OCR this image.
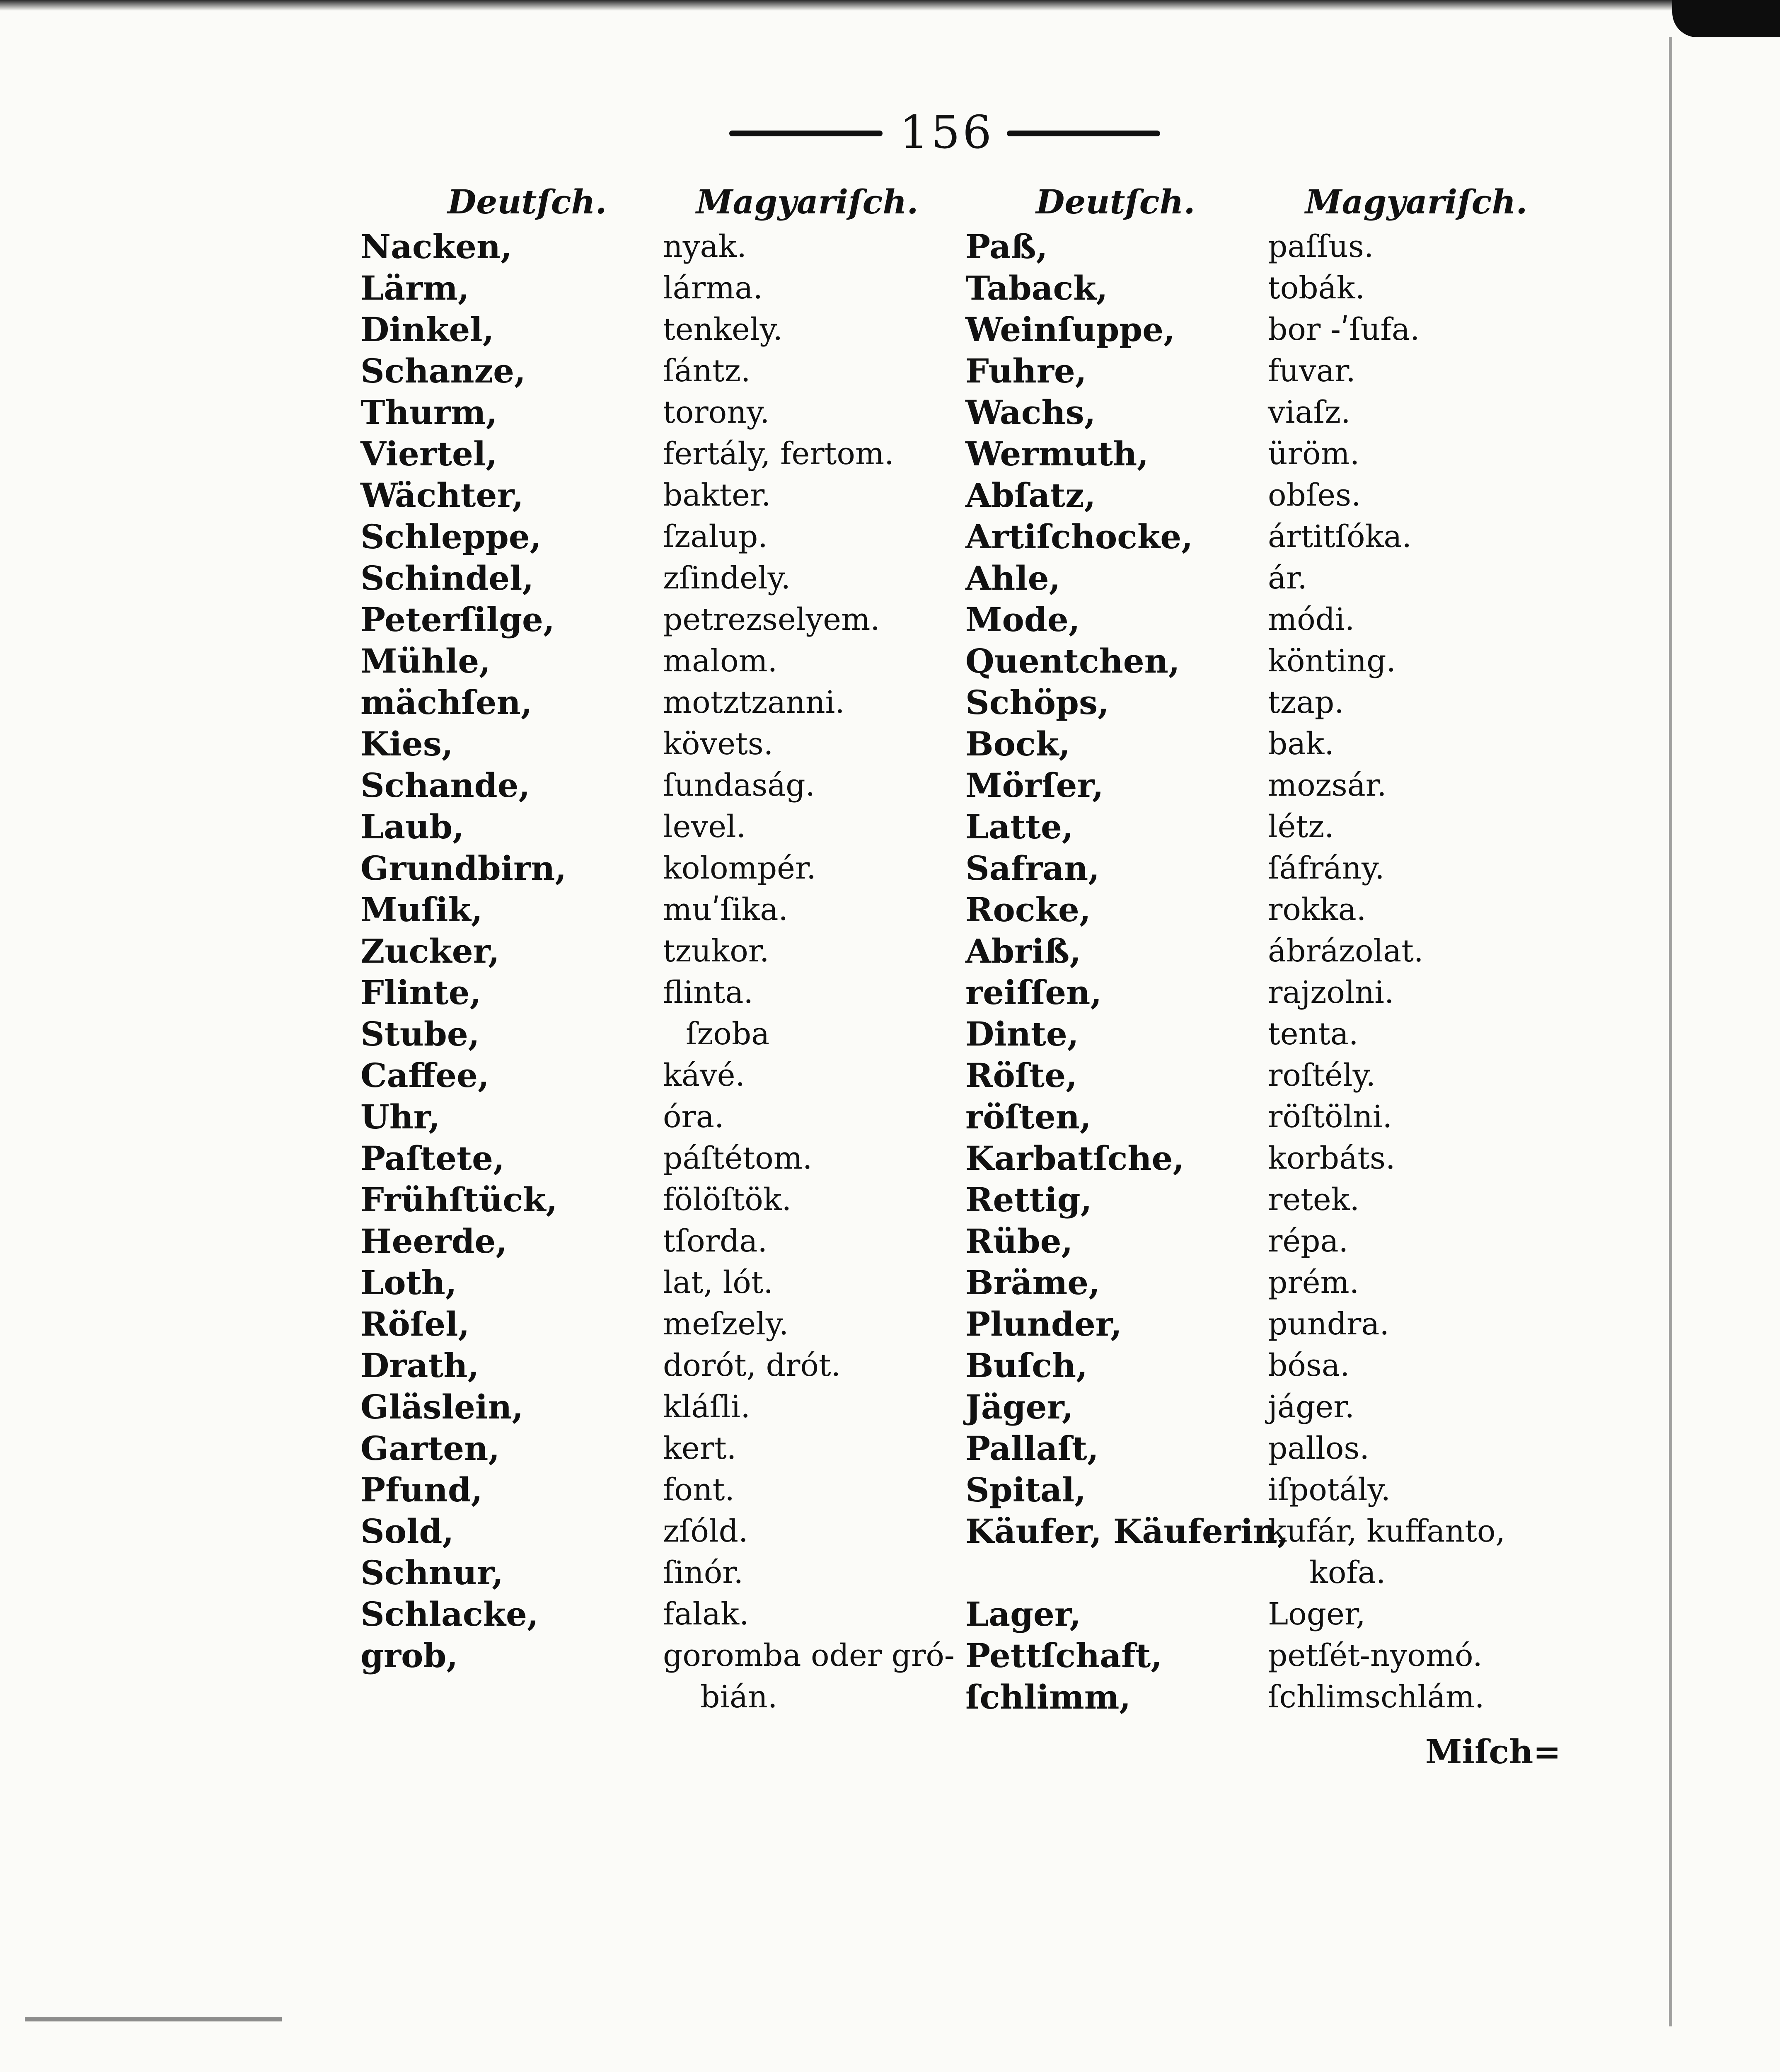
156
Deutſch.
Nacken,
Lärm,
Dinkel,
Schanze,
Thurm,
Viertel,
Wächter,
Schleppe,
Schindel,
Peterſilge,
Mühle,
mächſen,
Kies,
Schande,
Laub,
Grundbirn,
Muſik,
Zucker,
Flinte,
Stube,
Caffee,
Uhr,
Paſtete,
Frühſtück,
Heerde,
Loth,
Röſel,
Drath,
Gläslein,
Garten,
Pfund,
Sold,
Schnur,
Schlacke,
grob,
Magyariſch.
nyak.
lárma.
tenkely.
ſántz.
torony.
fertály, fertom.
bakter.
ſzalup.
zſindely.
petrezselyem.
malom.
motztzanni.
követs.
ſundaság.
level.
kolompér.
muʹſika.
tzukor.
flinta.
ſzoba
kávé.
óra.
páſtétom.
fölöſtök.
tſorda.
lat, lót.
meſzely.
dorót, drót.
kláſli.
kert.
font.
zſóld.
ſinór.
falak.
goromba oder gró-
bián.
Deutſch.
Paß,
Taback,
Weinſuppe,
Fuhre,
Wachs,
Wermuth,
Abſatz,
Artiſchocke,
Ahle,
Mode,
Quentchen,
Schöps,
Bock,
Mörſer,
Latte,
Safran,
Rocke,
Abriß,
reiſſen,
Dinte,
Röſte,
röſten,
Karbatſche,
Rettig,
Rübe,
Bräme,
Plunder,
Buſch,
Jäger,
Pallaſt,
Spital,
Käufer, Käuferin,
Lager,
Pettſchaft,
ſchlimm,
Magyariſch.
paſſus.
tobák.
bor -ʹſufa.
fuvar.
viaſz.
üröm.
obſes.
ártitſóka.
ár.
módi.
könting.
tzap.
bak.
mozsár.
létz.
ſáfrány.
rokka.
ábrázolat.
rajzolni.
tenta.
roſtély.
röſtölni.
korbáts.
retek.
répa.
prém.
pundra.
bósa.
jáger.
pallos.
iſpotály.
kufár, kuffanto,
kofa.
Loger,
petſét-nyomó.
ſchlimschlám.
Miſch=
